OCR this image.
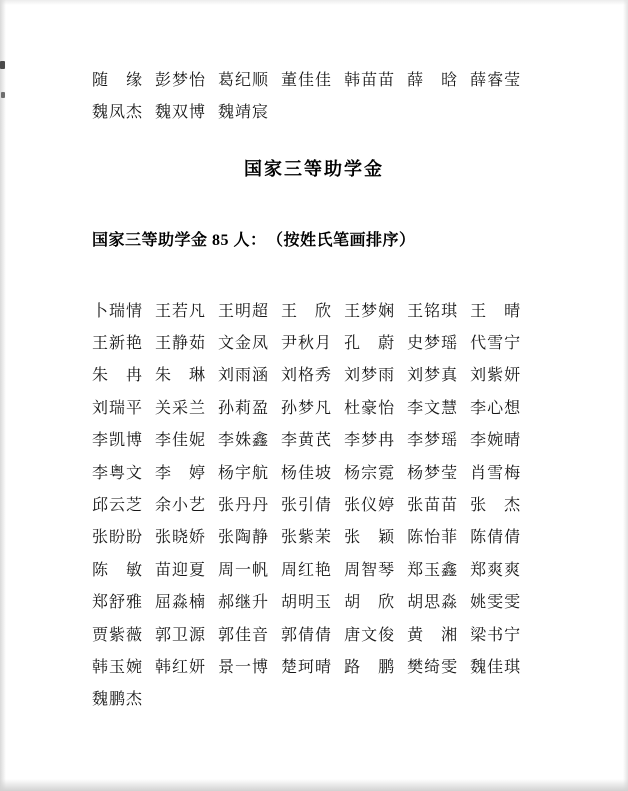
随　缘 彭梦怡 葛纪顺 董佳佳 韩苗苗 薛　晗 薛睿莹
魏凤杰 魏双博 魏靖宸
国家三等助学金
国家三等助学金 85 人：　（按姓氏笔画排序）
卜瑞情 王若凡 王明超 王　欣 王梦娴 王铭琪 王　晴
王新艳 王静茹 文金凤 尹秋月 孔　蔚 史梦瑶 代雪宁
朱　冉 朱　琳 刘雨涵 刘格秀 刘梦雨 刘梦真 刘紫妍
刘瑞平 关采兰 孙莉盈 孙梦凡 杜豪怡 李文慧 李心想
李凯博 李佳妮 李姝鑫 李黄芪 李梦冉 李梦瑶 李婉晴
李粤文 李　婷 杨宇航 杨佳坡 杨宗霓 杨梦莹 肖雪梅
邱云芝 余小艺 张丹丹 张引倩 张仪婷 张苗苗 张　杰
张盼盼 张晓娇 张陶静 张紫茉 张　颖 陈怡菲 陈倩倩
陈　敏 苗迎夏 周一帆 周红艳 周智琴 郑玉鑫 郑爽爽
郑舒雅 屈淼楠 郝继升 胡明玉 胡　欣 胡思淼 姚雯雯
贾紫薇 郭卫源 郭佳音 郭倩倩 唐文俊 黄　湘 梁书宁
韩玉婉 韩红妍 景一博 楚珂晴 路　鹏 樊绮雯 魏佳琪
魏鹏杰
